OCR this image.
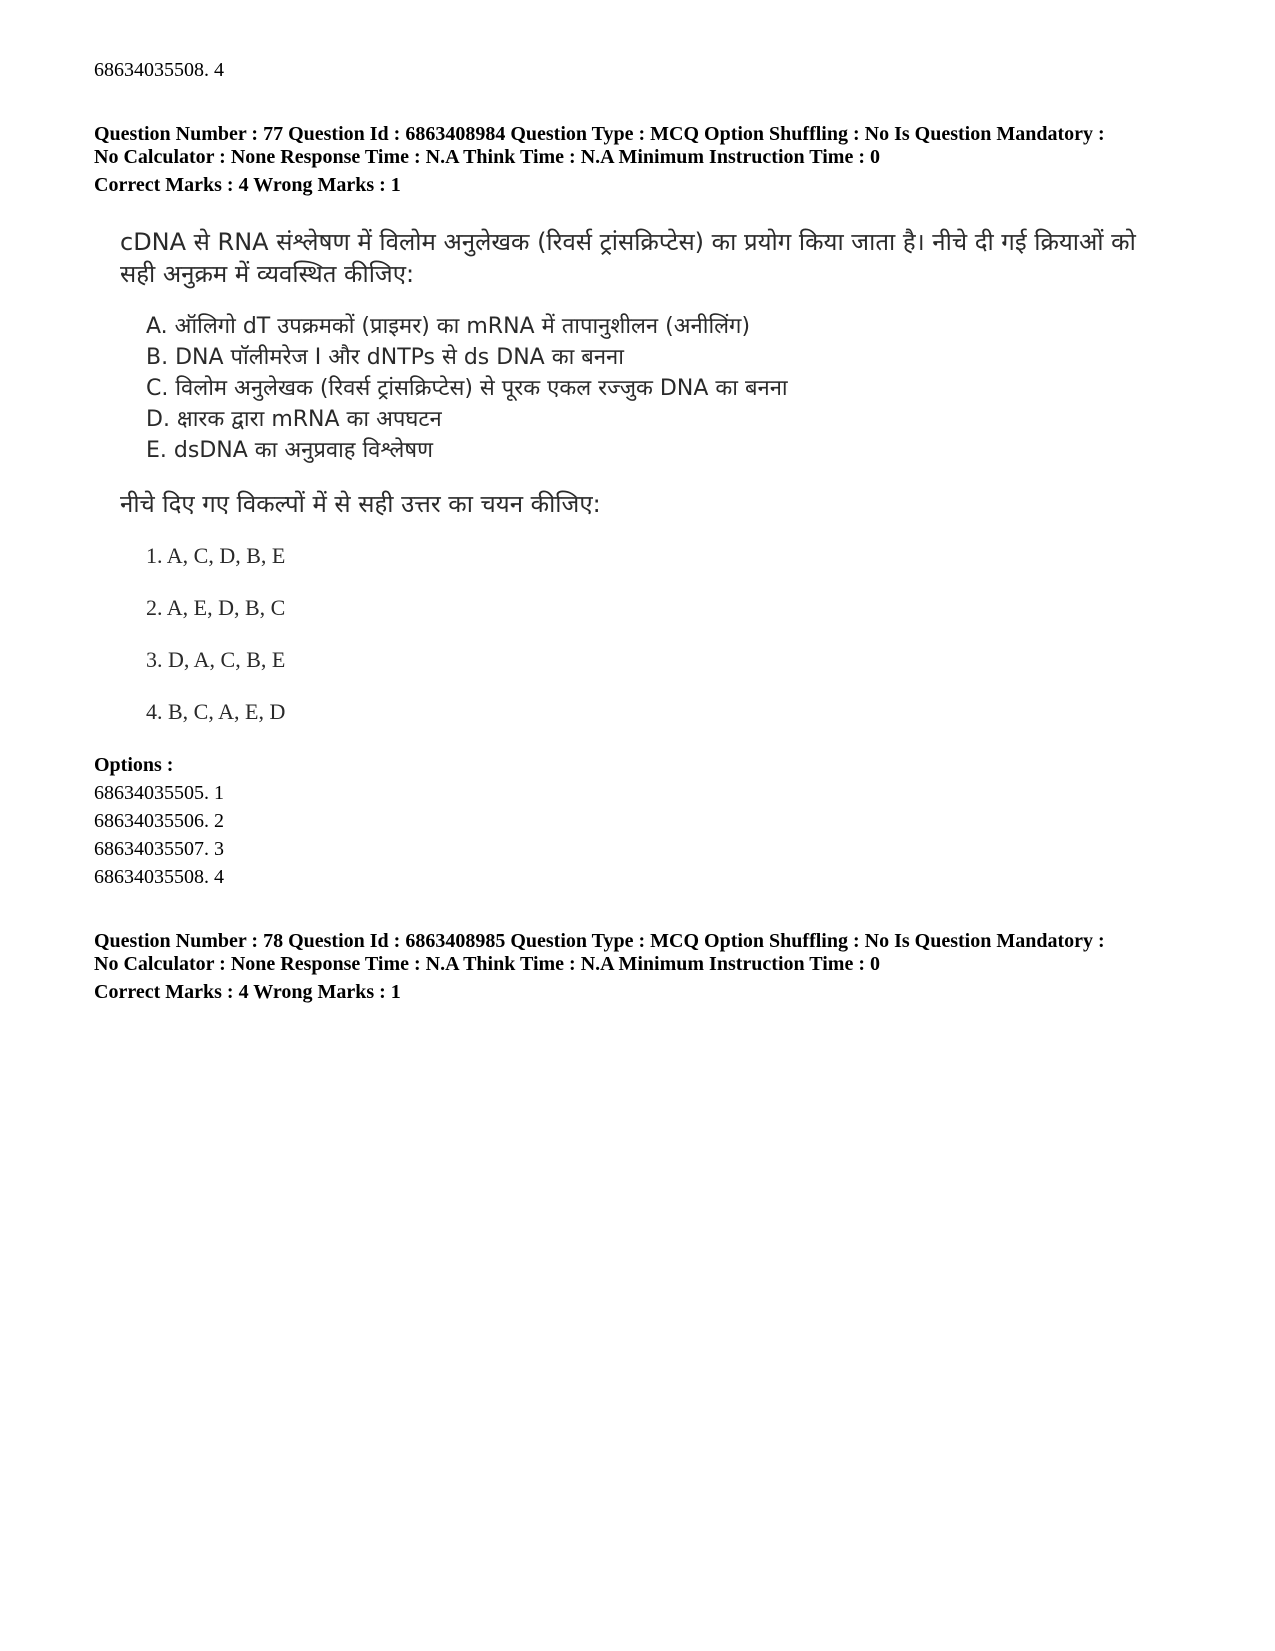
68634035508. 4
Question Number : 77 Question Id : 6863408984 Question Type : MCQ Option Shuffling : No Is Question Mandatory :
No Calculator : None Response Time : N.A Think Time : N.A Minimum Instruction Time : 0
Correct Marks : 4 Wrong Marks : 1
cDNA से RNA संश्लेषण में विलोम अनुलेखक (रिवर्स ट्रांसक्रिप्टेस) का प्रयोग किया जाता है। नीचे दी गई क्रियाओं को
सही अनुक्रम में व्यवस्थित कीजिए:
A. ऑलिगो dT उपक्रमकों (प्राइमर) का mRNA में तापानुशीलन (अनीलिंग)
B. DNA पॉलीमरेज I और dNTPs से ds DNA का बनना
C. विलोम अनुलेखक (रिवर्स ट्रांसक्रिप्टेस) से पूरक एकल रज्जुक DNA का बनना
D. क्षारक द्वारा mRNA का अपघटन
E. dsDNA का अनुप्रवाह विश्लेषण
नीचे दिए गए विकल्पों में से सही उत्तर का चयन कीजिए:
1. A, C, D, B, E
2. A, E, D, B, C
3. D, A, C, B, E
4. B, C, A, E, D
Options :
68634035505. 1
68634035506. 2
68634035507. 3
68634035508. 4
Question Number : 78 Question Id : 6863408985 Question Type : MCQ Option Shuffling : No Is Question Mandatory :
No Calculator : None Response Time : N.A Think Time : N.A Minimum Instruction Time : 0
Correct Marks : 4 Wrong Marks : 1
